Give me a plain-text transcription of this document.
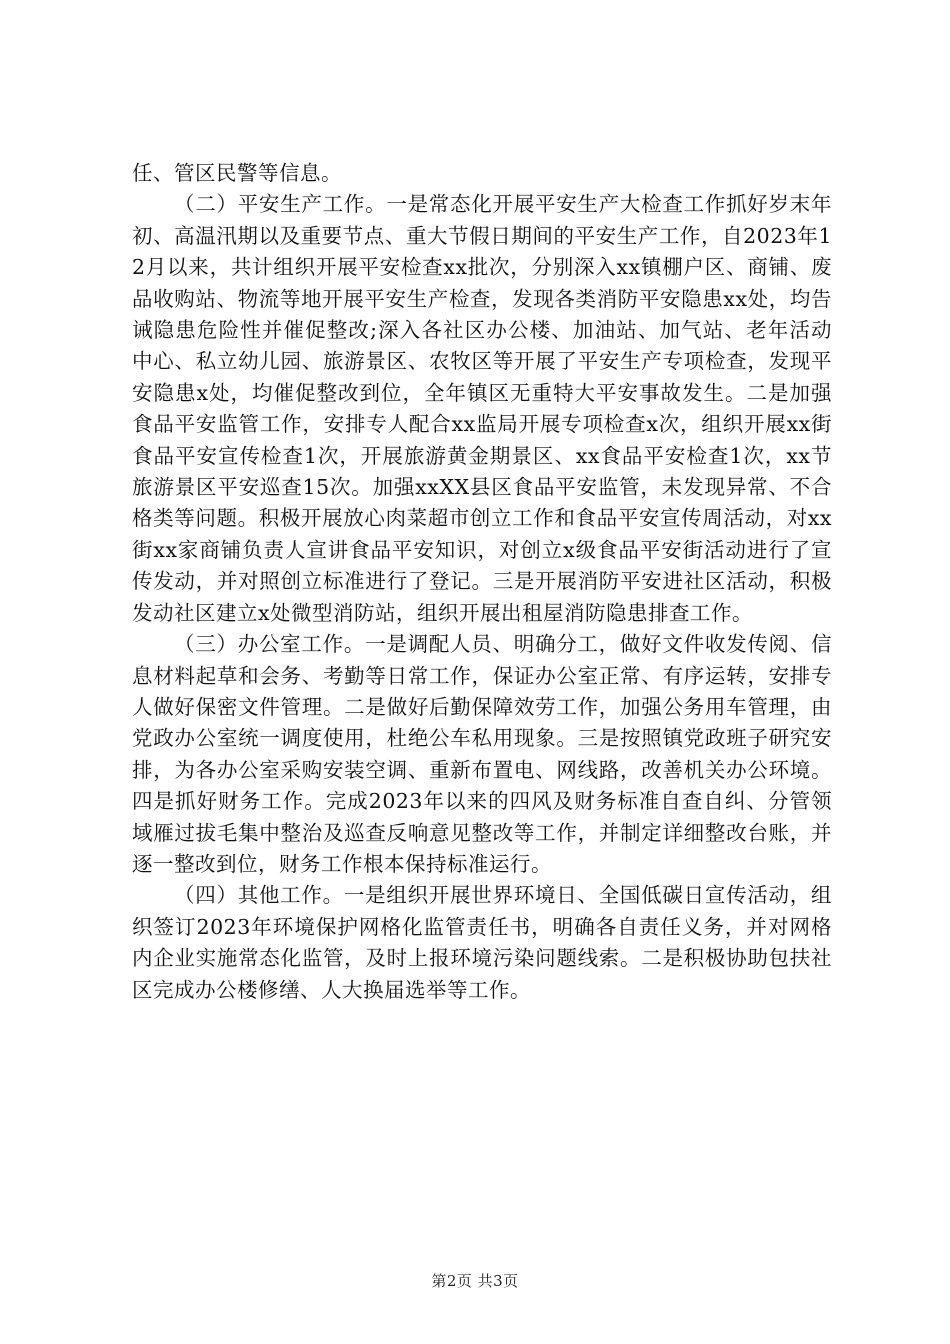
任、管区民警等信息。

（二）平安生产工作。一是常态化开展平安生产大检查工作抓好岁末年初、高温汛期以及重要节点、重大节假日期间的平安生产工作，自2023年12月以来，共计组织开展平安检查xx批次，分别深入xx镇棚户区、商铺、废品收购站、物流等地开展平安生产检查，发现各类消防平安隐患xx处，均告诫隐患危险性并催促整改;深入各社区办公楼、加油站、加气站、老年活动中心、私立幼儿园、旅游景区、农牧区等开展了平安生产专项检查，发现平安隐患x处，均催促整改到位，全年镇区无重特大平安事故发生。二是加强食品平安监管工作，安排专人配合xx监局开展专项检查x次，组织开展xx街食品平安宣传检查1次，开展旅游黄金期景区、xx食品平安检查1次，xx节旅游景区平安巡查15次。加强xxXX县区食品平安监管，未发现异常、不合格类等问题。积极开展放心肉菜超市创立工作和食品平安宣传周活动，对xx街xx家商铺负责人宣讲食品平安知识，对创立x级食品平安街活动进行了宣传发动，并对照创立标准进行了登记。三是开展消防平安进社区活动，积极发动社区建立x处微型消防站，组织开展出租屋消防隐患排查工作。

（三）办公室工作。一是调配人员、明确分工，做好文件收发传阅、信息材料起草和会务、考勤等日常工作，保证办公室正常、有序运转，安排专人做好保密文件管理。二是做好后勤保障效劳工作，加强公务用车管理，由党政办公室统一调度使用，杜绝公车私用现象。三是按照镇党政班子研究安排，为各办公室采购安装空调、重新布置电、网线路，改善机关办公环境。四是抓好财务工作。完成2023年以来的四风及财务标准自查自纠、分管领域雁过拔毛集中整治及巡查反响意见整改等工作，并制定详细整改台账，并逐一整改到位，财务工作根本保持标准运行。

（四）其他工作。一是组织开展世界环境日、全国低碳日宣传活动，组织签订2023年环境保护网格化监管责任书，明确各自责任义务，并对网格内企业实施常态化监管，及时上报环境污染问题线索。二是积极协助包扶社区完成办公楼修缮、人大换届选举等工作。

第2页 共3页
